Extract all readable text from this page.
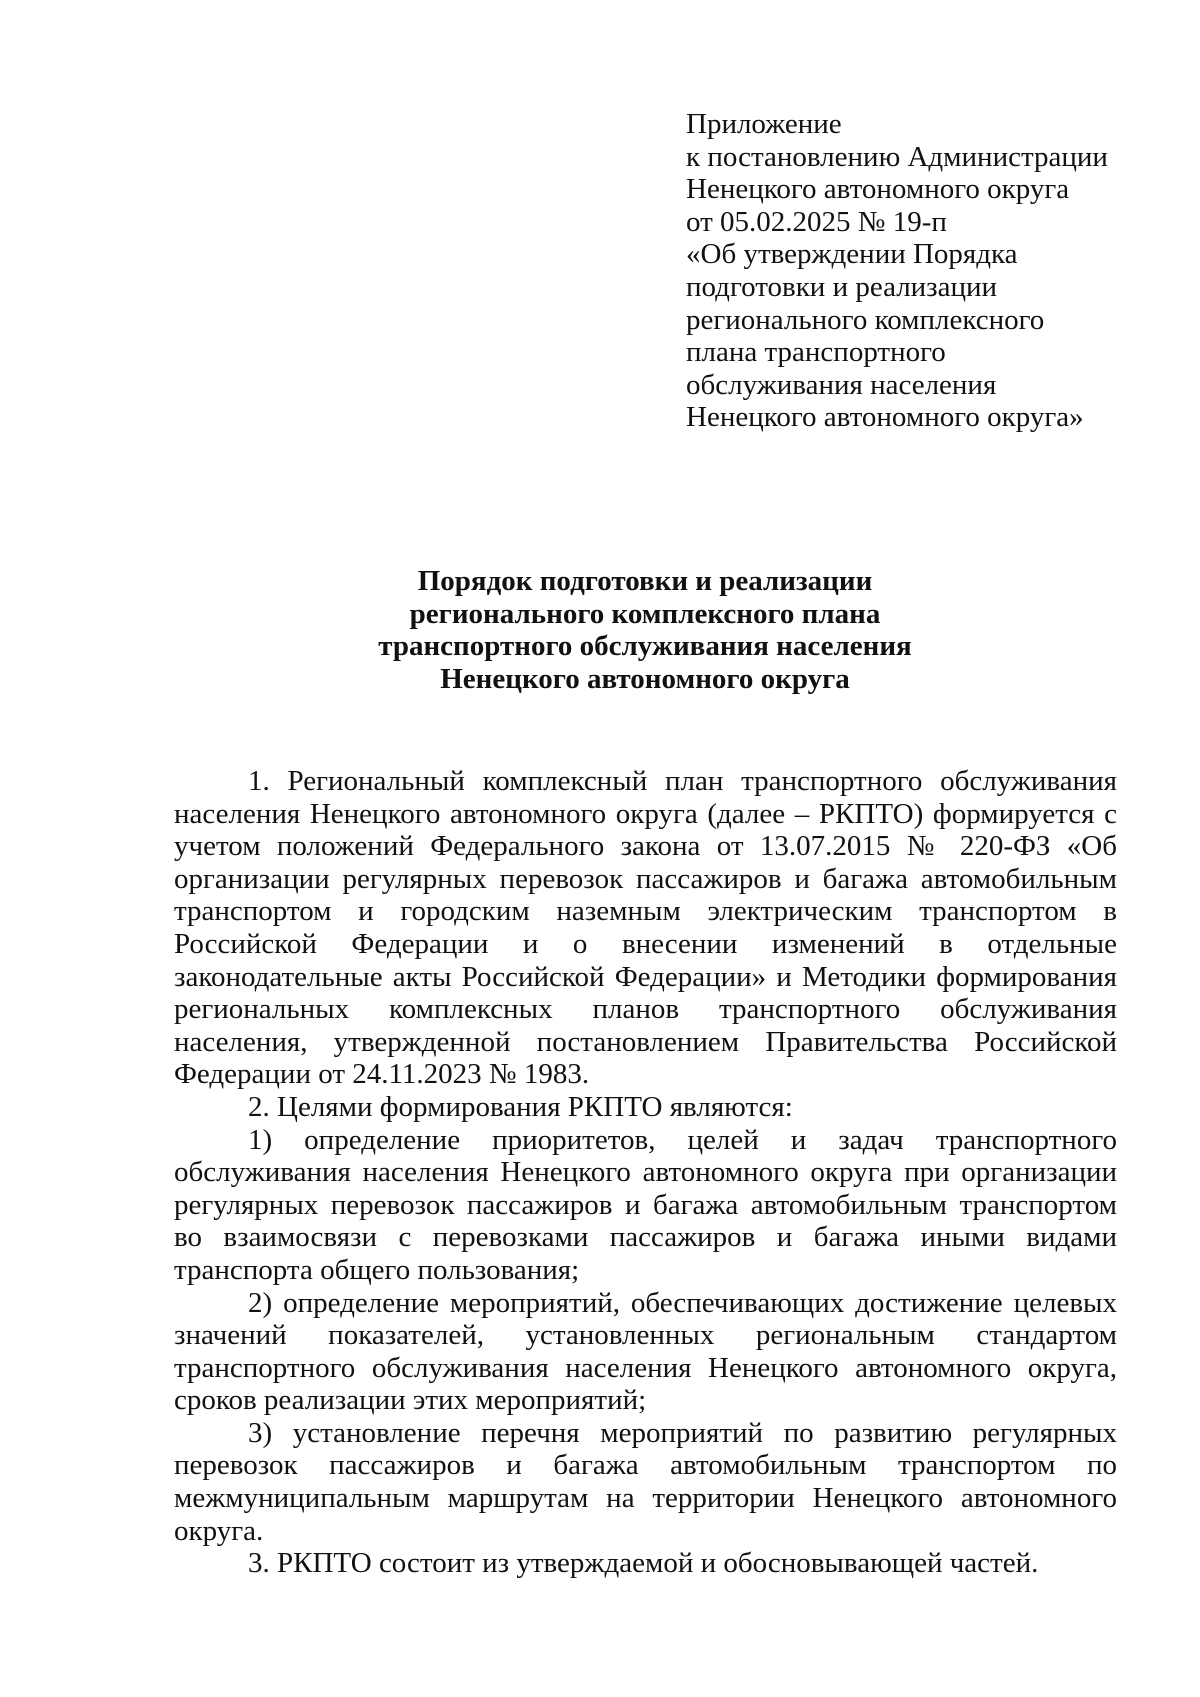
Приложение
к постановлению Администрации
Ненецкого автономного округа
от 05.02.2025 № 19-п
«Об утверждении Порядка
подготовки и реализации
регионального комплексного
плана транспортного
обслуживания населения
Ненецкого автономного округа»
Порядок подготовки и реализации
регионального комплексного плана
транспортного обслуживания населения
Ненецкого автономного округа

1. Региональный комплексный план транспортного обслуживания населения Ненецкого автономного округа (далее – РКПТО) формируется с учетом положений Федерального закона от 13.07.2015 № 220-ФЗ «Об организации регулярных перевозок пассажиров и багажа автомобильным транспортом и городским наземным электрическим транспортом в Российской Федерации и о внесении изменений в отдельные законодательные акты Российской Федерации» и Методики формирования региональных комплексных планов транспортного обслуживания населения, утвержденной постановлением Правительства Российской Федерации от 24.11.2023 № 1983.

2. Целями формирования РКПТО являются:

1) определение приоритетов, целей и задач транспортного обслуживания населения Ненецкого автономного округа при организации регулярных перевозок пассажиров и багажа автомобильным транспортом во взаимосвязи с перевозками пассажиров и багажа иными видами транспорта общего пользования;

2) определение мероприятий, обеспечивающих достижение целевых значений показателей, установленных региональным стандартом транспортного обслуживания населения Ненецкого автономного округа, сроков реализации этих мероприятий;

3) установление перечня мероприятий по развитию регулярных перевозок пассажиров и багажа автомобильным транспортом по межмуниципальным маршрутам на территории Ненецкого автономного округа.

3. РКПТО состоит из утверждаемой и обосновывающей частей.
